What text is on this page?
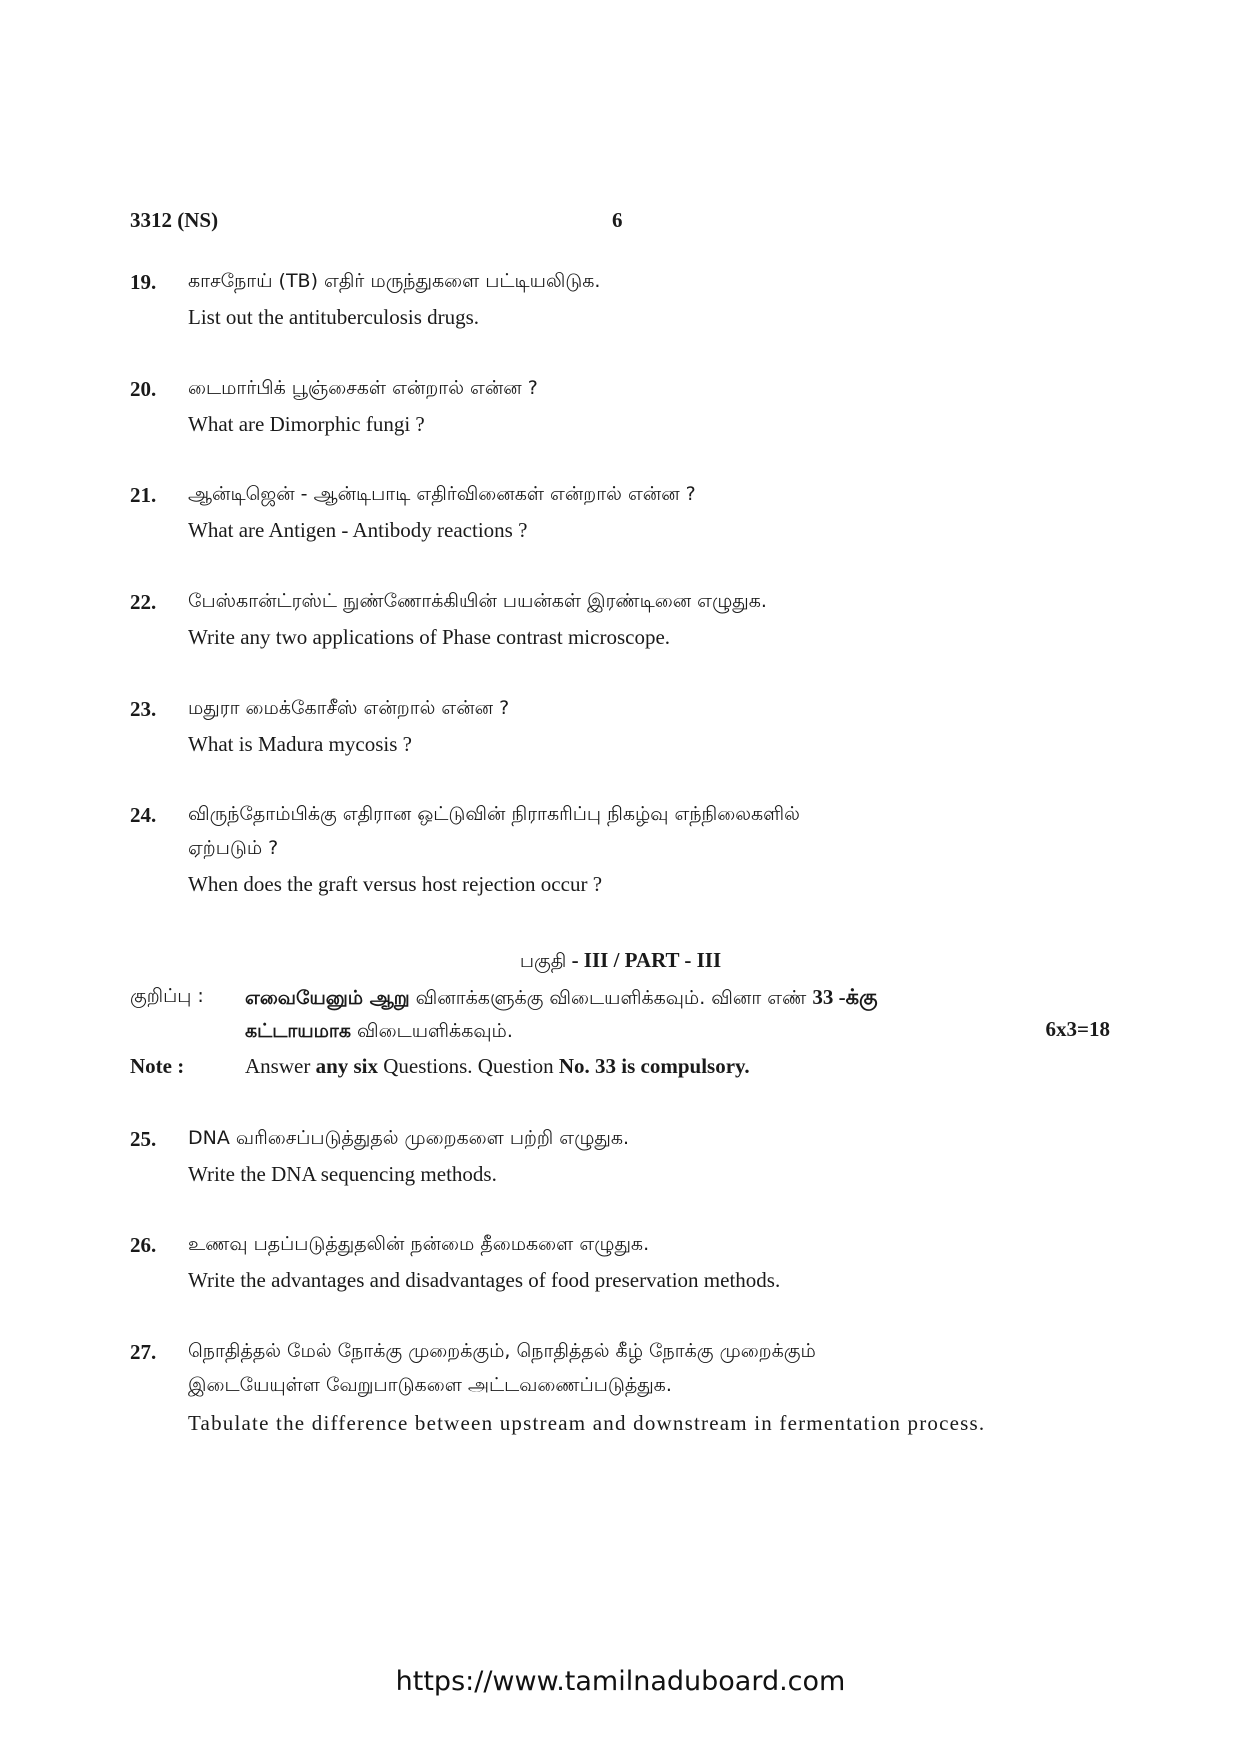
3312 (NS)	6
19. காசநோய் (TB) எதிர் மருந்துகளை பட்டியலிடுக.
List out the antituberculosis drugs.
20. டைமார்பிக் பூஞ்சைகள் என்றால் என்ன ?
What are Dimorphic fungi ?
21. ஆன்டிஜென் - ஆன்டிபாடி எதிர்வினைகள் என்றால் என்ன ?
What are Antigen - Antibody reactions ?
22. பேஸ்கான்ட்ரஸ்ட் நுண்ணோக்கியின் பயன்கள் இரண்டினை எழுதுக.
Write any two applications of Phase contrast microscope.
23. மதுரா மைக்கோசீஸ் என்றால் என்ன ?
What is Madura mycosis ?
24. விருந்தோம்பிக்கு எதிரான ஒட்டுவின் நிராகரிப்பு நிகழ்வு எந்நிலைகளில்
ஏற்படும் ?
When does the graft versus host rejection occur ?
பகுதி - III / PART - III
குறிப்பு : எவையேனும் ஆறு வினாக்களுக்கு விடையளிக்கவும். வினா எண் 33 -க்கு
கட்டாயமாக விடையளிக்கவும்.	6x3=18
Note :	Answer any six Questions. Question No. 33 is compulsory.
25. DNA வரிசைப்படுத்துதல் முறைகளை பற்றி எழுதுக.
Write the DNA sequencing methods.
26. உணவு பதப்படுத்துதலின் நன்மை தீமைகளை எழுதுக.
Write the advantages and disadvantages of food preservation methods.
27. நொதித்தல் மேல் நோக்கு முறைக்கும், நொதித்தல் கீழ் நோக்கு முறைக்கும்
இடையேயுள்ள வேறுபாடுகளை அட்டவணைப்படுத்துக.
Tabulate the difference between upstream and downstream in fermentation process.
https://www.tamilnaduboard.com
